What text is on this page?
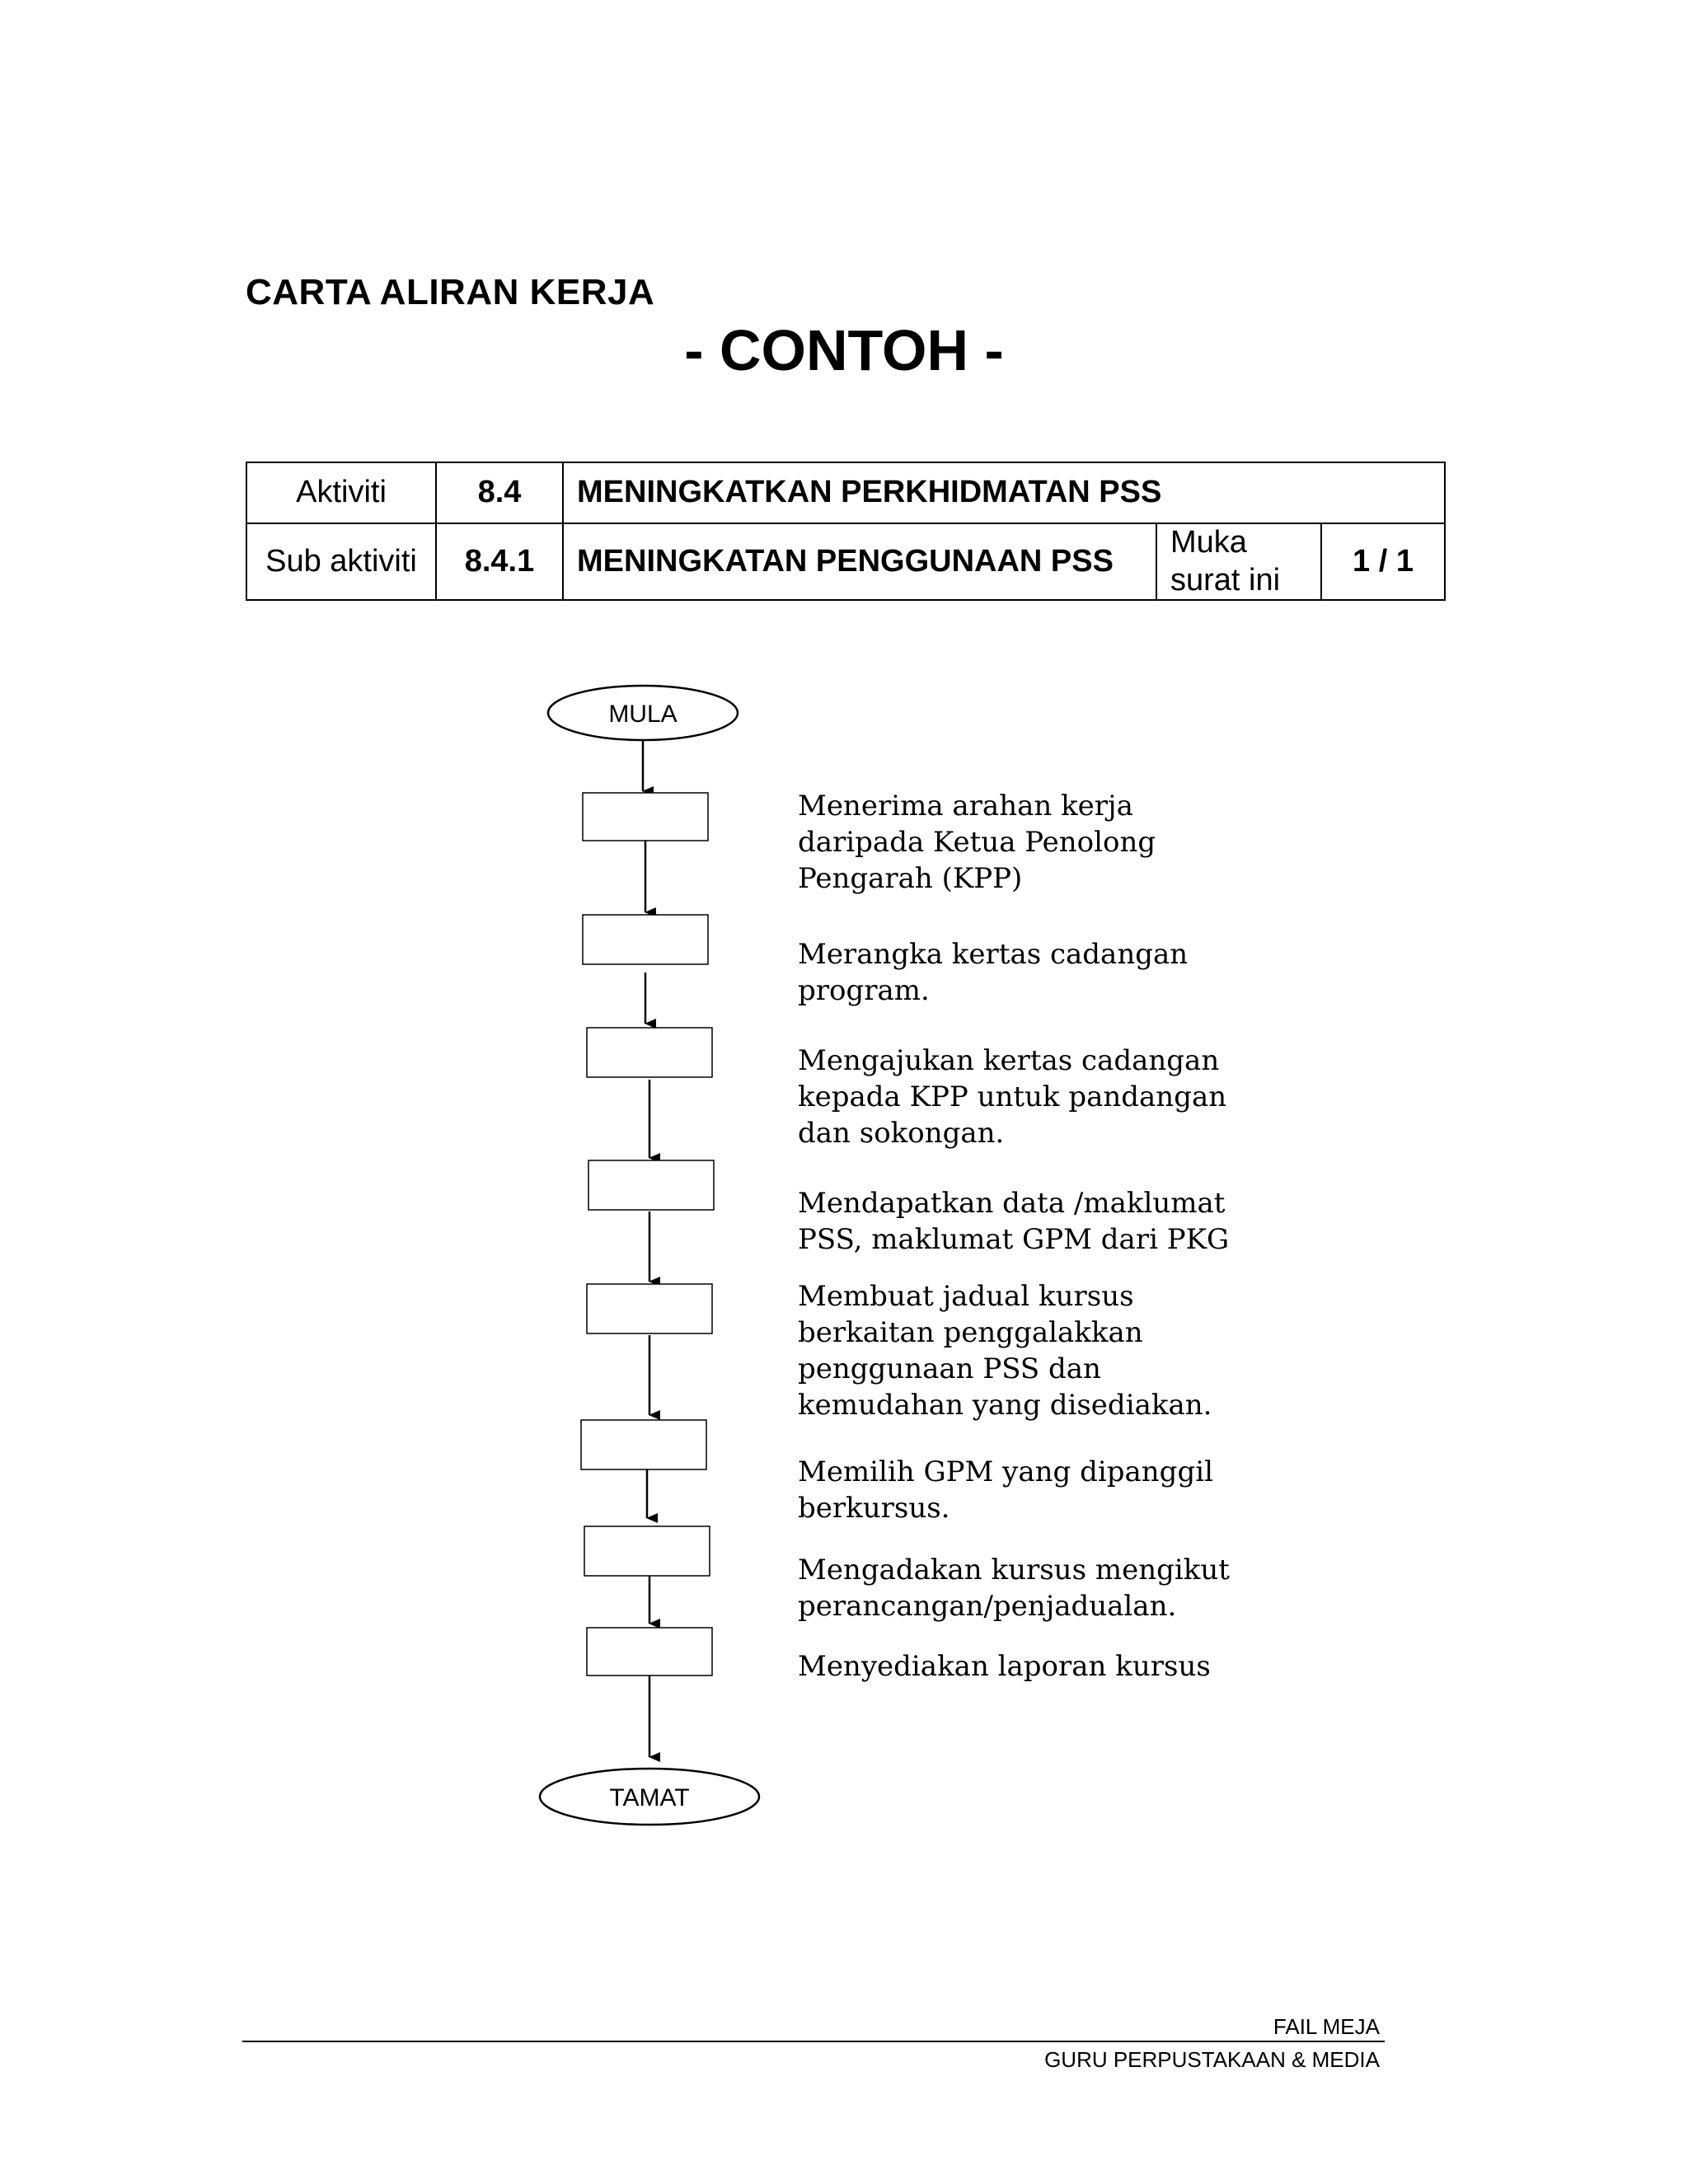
CARTA ALIRAN KERJA
- CONTOH -
Aktiviti	8.4	MENINGKATKAN PERKHIDMATAN PSS		
Sub aktiviti	8.4.1	MENINGKATAN PENGGUNAAN PSS	Muka surat ini	1 / 1
MULA
TAMAT
Menerima arahan kerja
daripada Ketua Penolong
Pengarah (KPP)
Merangka kertas cadangan
program.
Mengajukan kertas cadangan
kepada KPP untuk pandangan
dan sokongan.
Mendapatkan data /maklumat
PSS, maklumat GPM dari PKG
Membuat jadual kursus
berkaitan penggalakkan
penggunaan PSS dan
kemudahan yang disediakan.
Memilih GPM yang dipanggil
berkursus.
Mengadakan kursus mengikut
perancangan/penjadualan.
Menyediakan laporan kursus
FAIL MEJA
GURU PERPUSTAKAAN & MEDIA
